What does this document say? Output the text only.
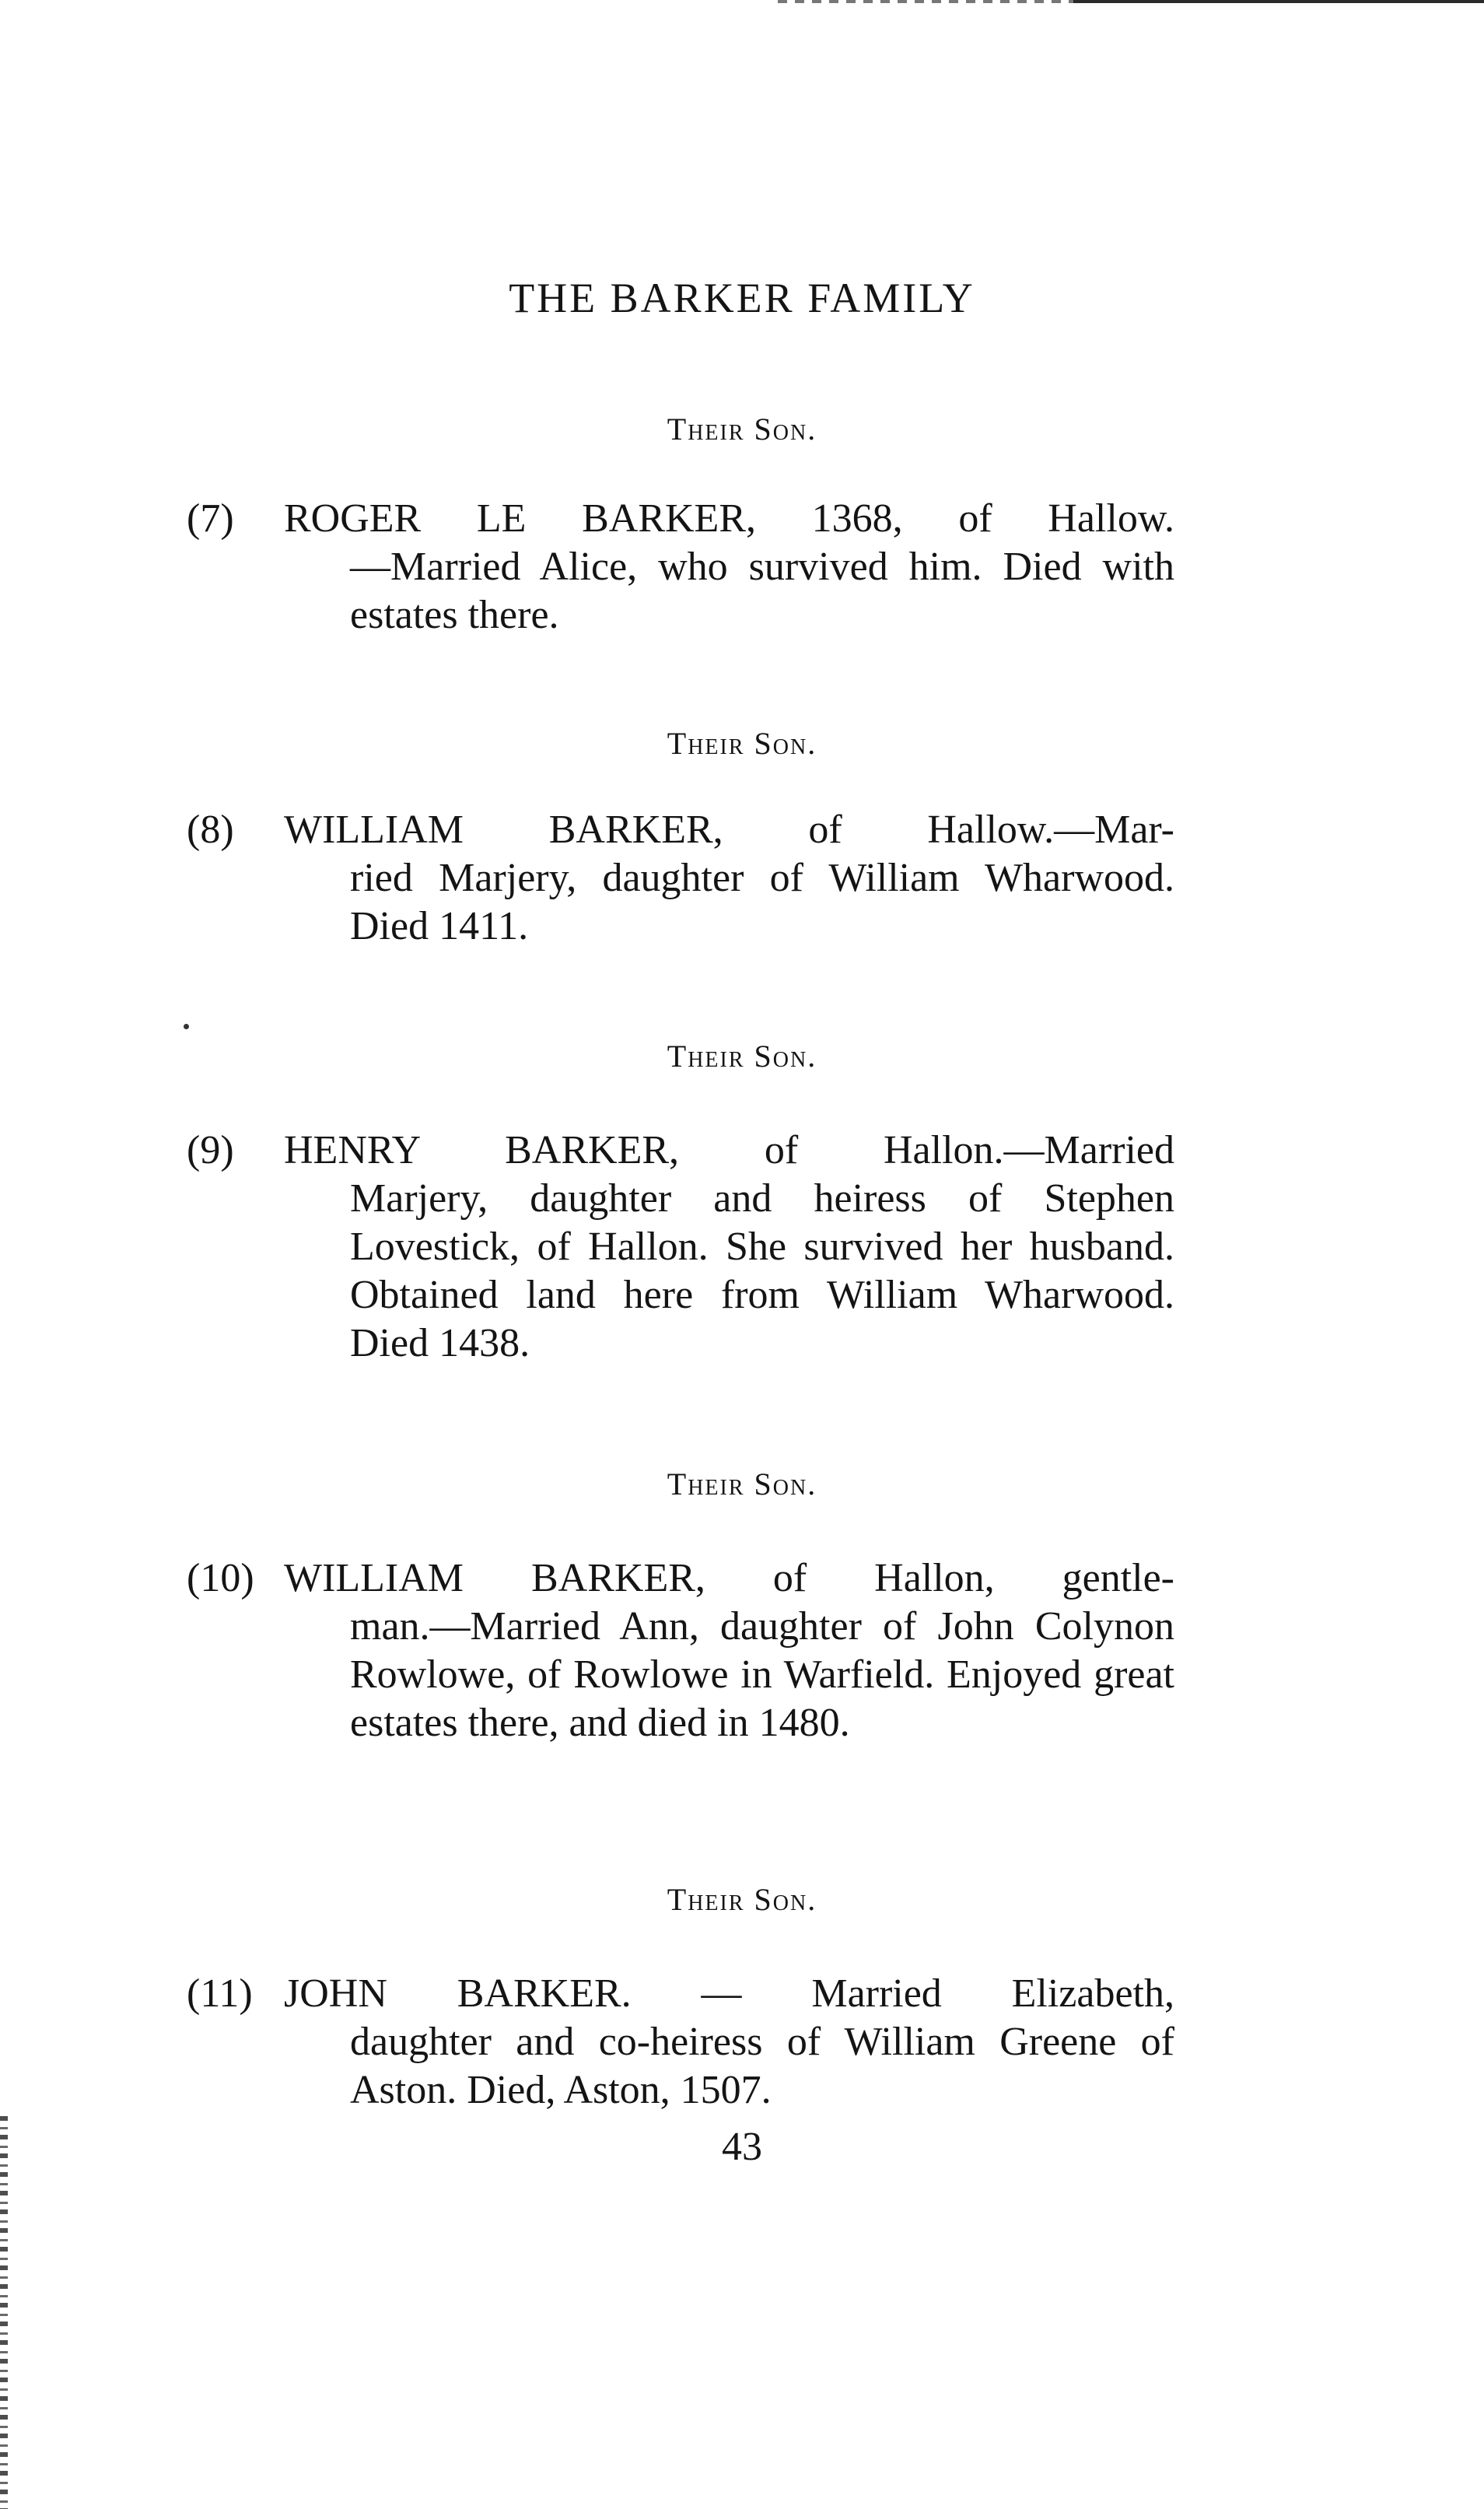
THE BARKER FAMILY
Their Son.
(7) ROGER LE BARKER, 1368, of Hallow.
—Married Alice, who survived him. Died with estates there.
Their Son.
(8) WILLIAM BARKER, of Hallow.—Mar-
ried Marjery, daughter of William Wharwood. Died 1411.
Their Son.
(9) HENRY BARKER, of Hallon.—Married
Marjery, daughter and heiress of Stephen Lovestick, of Hallon. She survived her husband. Obtained land here from William Wharwood. Died 1438.
Their Son.
(10) WILLIAM BARKER, of Hallon, gentle-
man.—Married Ann, daughter of John Colynon Rowlowe, of Rowlowe in Warfield. Enjoyed great estates there, and died in 1480.
Their Son.
(11) JOHN BARKER. — Married Elizabeth,
daughter and co-heiress of William Greene of Aston. Died, Aston, 1507.
43
